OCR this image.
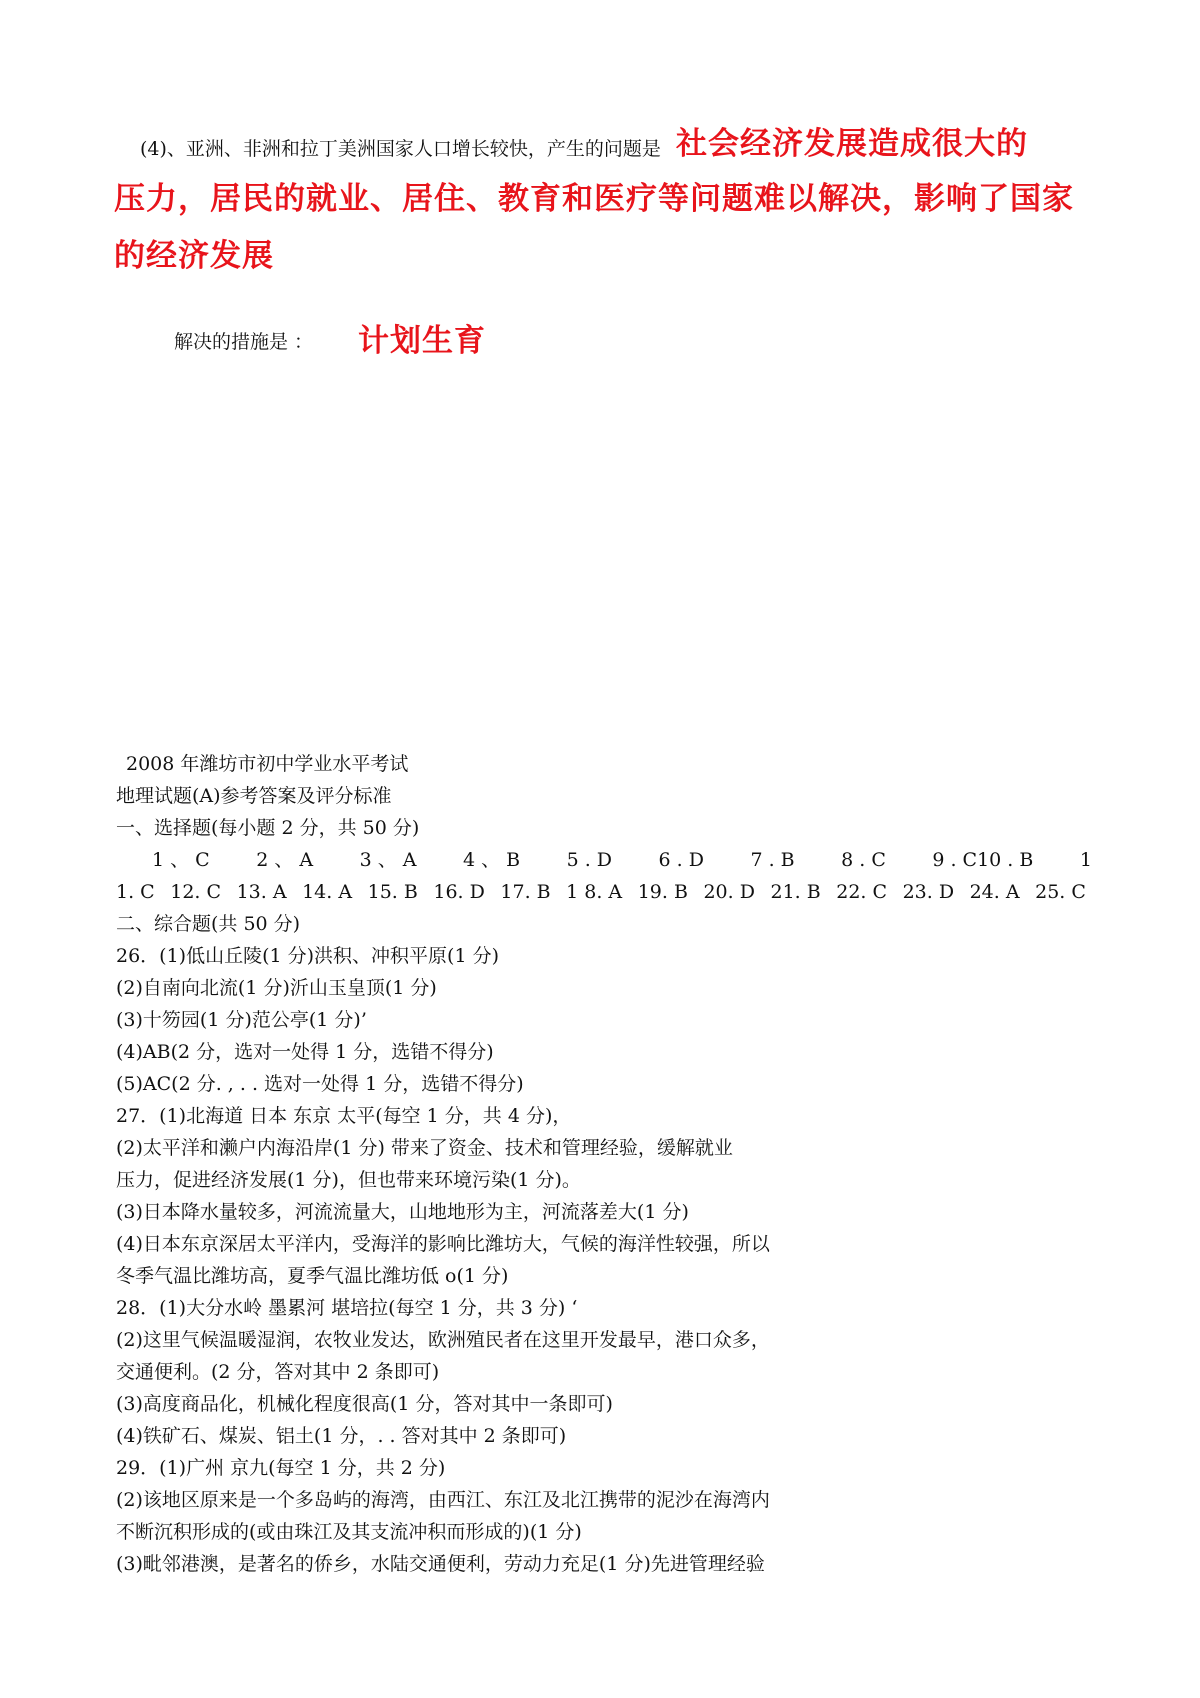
(4)、亚洲、非洲和拉丁美洲国家人口增长较快，产生的问题是 社会经济发展造成很大的
压力，居民的就业、居住、教育和医疗等问题难以解决，影响了国家
的经济发展
解决的措施是 ： 计划生育
2008 年潍坊市初中学业水平考试
地理试题(A)参考答案及评分标准
一、选择题(每小题 2 分，共 50 分)
1 、 C 2 、 A 3 、 A 4 、 B 5 . D 6 . D 7 . B 8 . C 9 . C10 . B 1
1. C 12. C 13. A 14. A 15. B 16. D 17. B 1 8. A 19. B 20. D 21. B 22. C 23. D 24. A 25. C
二、综合题(共 50 分)
26．(1)低山丘陵(1 分)洪积、冲积平原(1 分)
(2)自南向北流(1 分)沂山玉皇顶(1 分)
(3)十笏园(1 分)范公亭(1 分)’
(4)AB(2 分，选对一处得 1 分，选错不得分)
(5)AC(2 分. , . . 选对一处得 1 分，选错不得分)
27．(1)北海道 日本 东京 太平(每空 1 分，共 4 分)，
(2)太平洋和濑户内海沿岸(1 分) 带来了资金、技术和管理经验，缓解就业
压力，促进经济发展(1 分)，但也带来环境污染(1 分)。
(3)日本降水量较多，河流流量大，山地地形为主，河流落差大(1 分)
(4)日本东京深居太平洋内，受海洋的影响比潍坊大，气候的海洋性较强，所以
冬季气温比潍坊高，夏季气温比潍坊低 o(1 分)
28．(1)大分水岭 墨累河 堪培拉(每空 1 分，共 3 分) ‘
(2)这里气候温暖湿润，农牧业发达，欧洲殖民者在这里开发最早，港口众多，
交通便利。(2 分，答对其中 2 条即可)
(3)高度商品化，机械化程度很高(1 分，答对其中一条即可)
(4)铁矿石、煤炭、铝土(1 分，. . 答对其中 2 条即可)
29．(1)广州 京九(每空 1 分，共 2 分)
(2)该地区原来是一个多岛屿的海湾，由西江、东江及北江携带的泥沙在海湾内
不断沉积形成的(或由珠江及其支流冲积而形成的)(1 分)
(3)毗邻港澳，是著名的侨乡，水陆交通便利，劳动力充足(1 分)先进管理经验
